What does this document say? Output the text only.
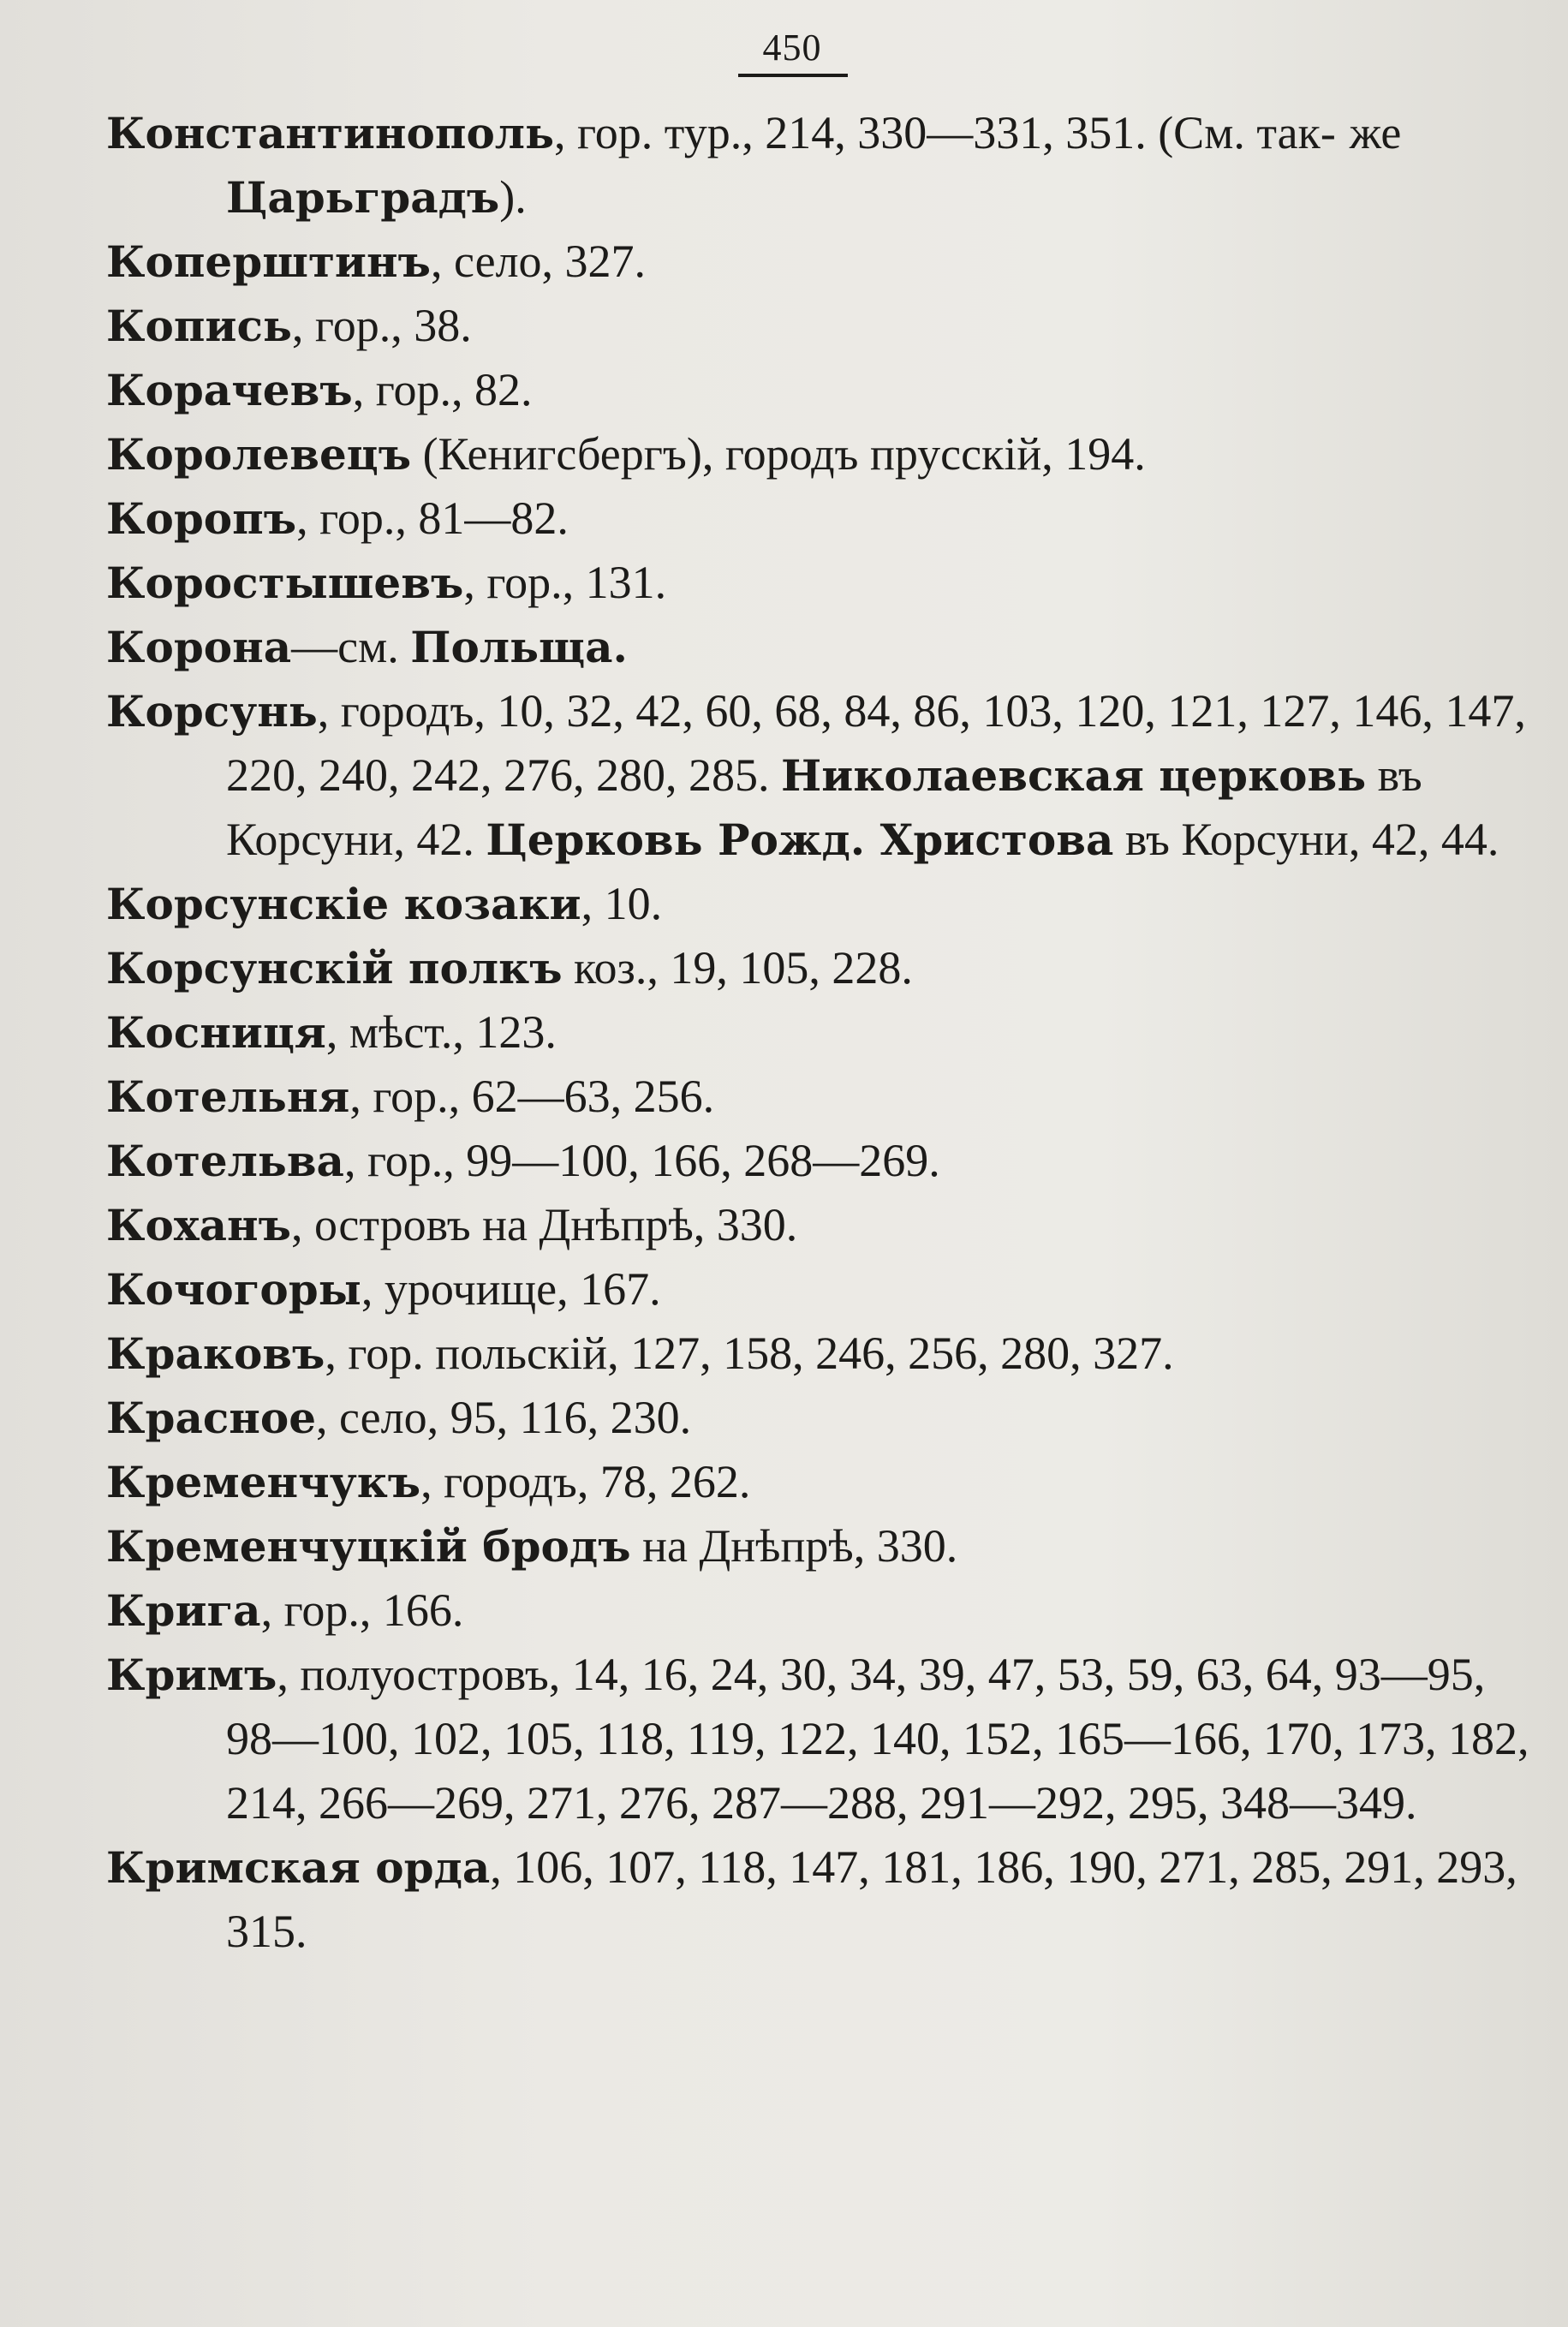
450
Константинополь, гор. тур., 214, 330—331, 351. (См. так- же Царьградъ).
Коперштинъ, село, 327.
Копись, гор., 38.
Корачевъ, гор., 82.
Королевецъ (Кенигсбергъ), городъ прусскій, 194.
Коропъ, гор., 81—82.
Коростышевъ, гор., 131.
Корона—см. Польща.
Корсунь, городъ, 10, 32, 42, 60, 68, 84, 86, 103, 120, 121, 127, 146, 147, 220, 240, 242, 276, 280, 285. Николаевская церковь въ Корсуни, 42. Церковь Рожд. Христова въ Корсуни, 42, 44.
Корсунскіе козаки, 10.
Корсунскій полкъ коз., 19, 105, 228.
Косниця, мѣст., 123.
Котельня, гор., 62—63, 256.
Котельва, гор., 99—100, 166, 268—269.
Коханъ, островъ на Днѣпрѣ, 330.
Кочогоры, урочище, 167.
Краковъ, гор. польскій, 127, 158, 246, 256, 280, 327.
Красное, село, 95, 116, 230.
Кременчукъ, городъ, 78, 262.
Кременчуцкій бродъ на Днѣпрѣ, 330.
Крига, гор., 166.
Кримъ, полуостровъ, 14, 16, 24, 30, 34, 39, 47, 53, 59, 63, 64, 93—95, 98—100, 102, 105, 118, 119, 122, 140, 152, 165—166, 170, 173, 182, 214, 266—269, 271, 276, 287—288, 291—292, 295, 348—349.
Кримская орда, 106, 107, 118, 147, 181, 186, 190, 271, 285, 291, 293, 315.
